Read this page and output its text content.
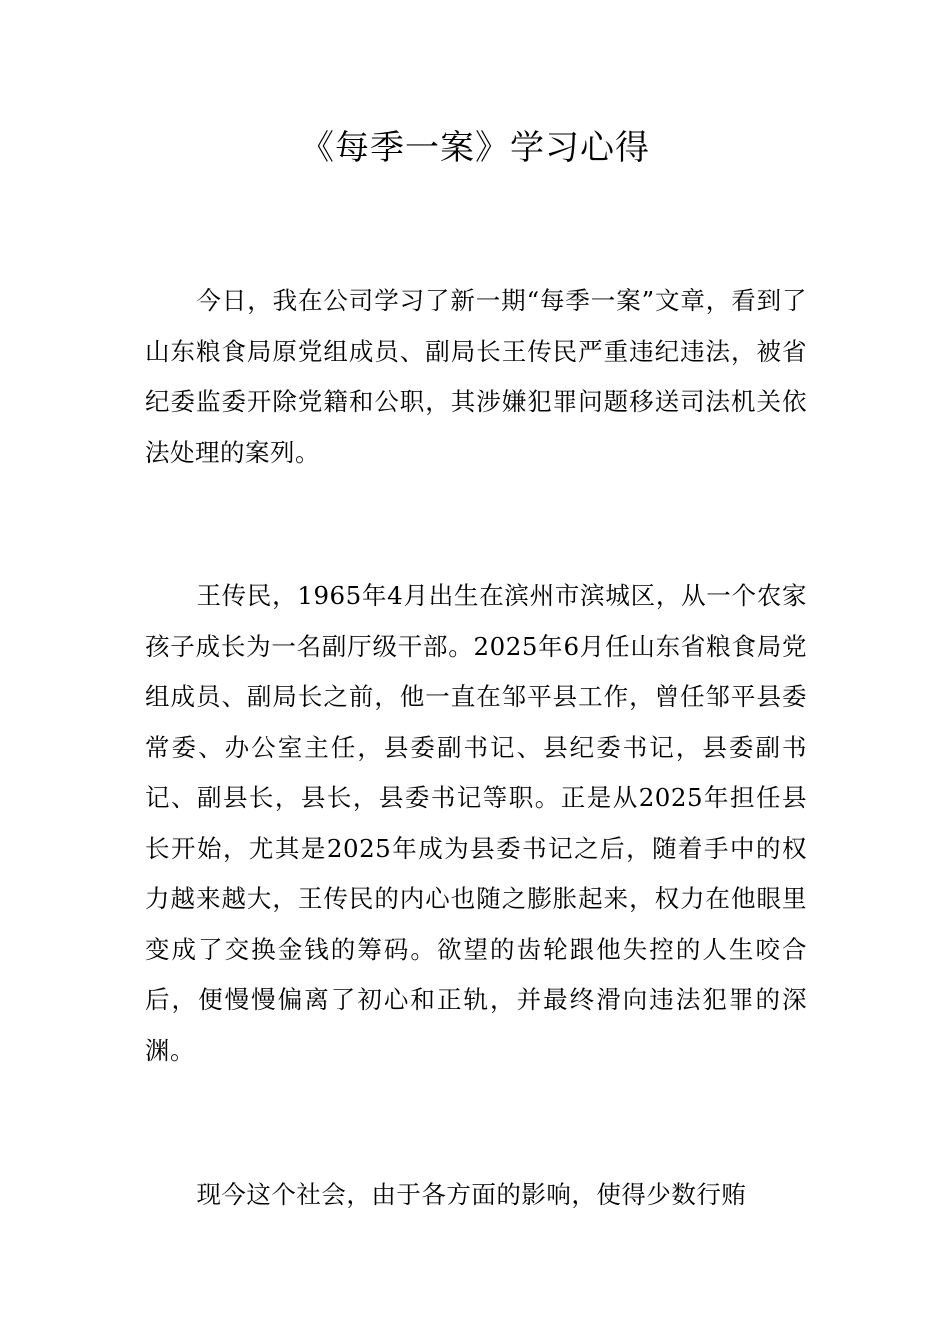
《每季一案》学习心得

今日，我在公司学习了新一期“每季一案”文章，看到了山东粮食局原党组成员、副局长王传民严重违纪违法，被省纪委监委开除党籍和公职，其涉嫌犯罪问题移送司法机关依法处理的案列。

王传民，1965年4月出生在滨州市滨城区，从一个农家孩子成长为一名副厅级干部。2025年6月任山东省粮食局党组成员、副局长之前，他一直在邹平县工作，曾任邹平县委常委、办公室主任，县委副书记、县纪委书记，县委副书记、副县长，县长，县委书记等职。正是从2025年担任县长开始，尤其是2025年成为县委书记之后，随着手中的权力越来越大，王传民的内心也随之膨胀起来，权力在他眼里变成了交换金钱的筹码。欲望的齿轮跟他失控的人生咬合后，便慢慢偏离了初心和正轨，并最终滑向违法犯罪的深渊。

现今这个社会，由于各方面的影响，使得少数行贿
